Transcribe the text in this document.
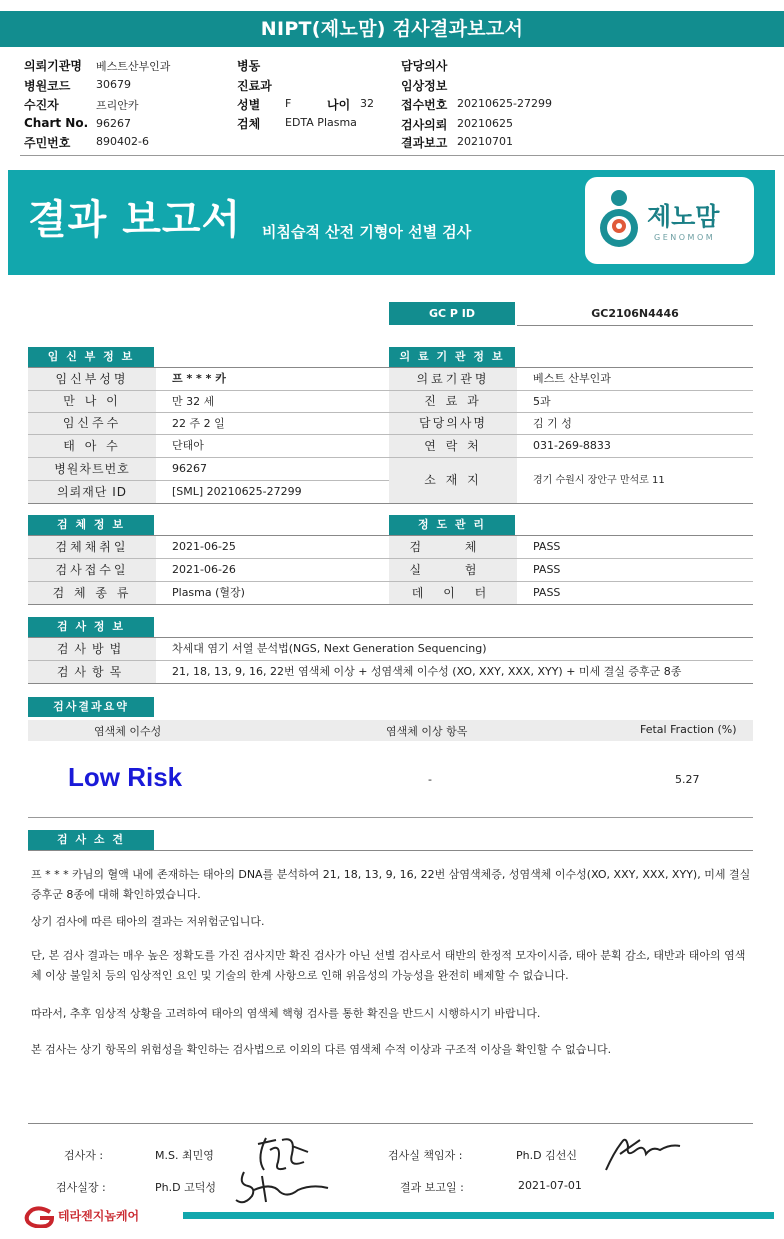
NIPT(제노맘) 검사결과보고서
의뢰기관명 베스트산부인과
병원코드 30679
수진자	프리안카
Chart No. 96267
주민번호 890402-6
병동
진료과
성별 F	나이 32
검체 EDTA Plasma
담당의사
임상정보
접수번호 20210625-27299
검사의뢰 20210625
결과보고 20210701
결과 보고서 비침습적 산전 기형아 선별 검사
제노맘
GENOMOM
GC P ID	GC2106N4446
임 신 부 정 보
임신부성명	프 * * * 카
만 나 이	만 32 세
임신주수	22 주 2 일
태 아 수	단태아
병원차트번호	96267
의뢰재단 ID	[SML] 20210625-27299
의 료 기 관 정 보
의료기관명	베스트 산부인과
진 료 과	5과
담당의사명	김 기 성
연 락 처	031-269-8833
소 재 지	경기 수원시 장안구 만석로 11
검 체 정 보
검체채취일	2021-06-25
검사접수일	2021-06-26
검 체 종 류	Plasma (혈장)
정 도 관 리
검 체	PASS
실 험	PASS
데 이 터	PASS
검 사 정 보
검사방법	차세대 염기 서열 분석법(NGS, Next Generation Sequencing)
검사항목	21, 18, 13, 9, 16, 22번 염색체 이상 + 성염색체 이수성 (XO, XXY, XXX, XYY) + 미세 결실 증후군 8종
검사결과요약
염색체 이수성	염색체 이상 항목	Fetal Fraction (%)
Low Risk	-	5.27
검 사 소 견
프 * * * 카님의 혈액 내에 존재하는 태아의 DNA를 분석하여 21, 18, 13, 9, 16, 22번 삼염색체증, 성염색체 이수성(XO, XXY, XXX, XYY), 미세 결실 증후군 8종에 대해 확인하였습니다.
상기 검사에 따른 태아의 결과는 저위험군입니다.
단, 본 검사 결과는 매우 높은 정확도를 가진 검사지만 확진 검사가 아닌 선별 검사로서 태반의 한정적 모자이시즘, 태아 분획 감소, 태반과 태아의 염색체 이상 불일치 등의 임상적인 요인 및 기술의 한계 사항으로 인해 위음성의 가능성을 완전히 배제할 수 없습니다.
따라서, 추후 임상적 상황을 고려하여 태아의 염색체 핵형 검사를 통한 확진을 반드시 시행하시기 바랍니다.
본 검사는 상기 항목의 위험성을 확인하는 검사법으로 이외의 다른 염색체 수적 이상과 구조적 이상을 확인할 수 없습니다.
검사자 :	M.S. 최민영	검사실 책임자 :	Ph.D 김선신
검사실장 :	Ph.D 고덕성	결과 보고일 :	2021-07-01
테라젠지놈케어
